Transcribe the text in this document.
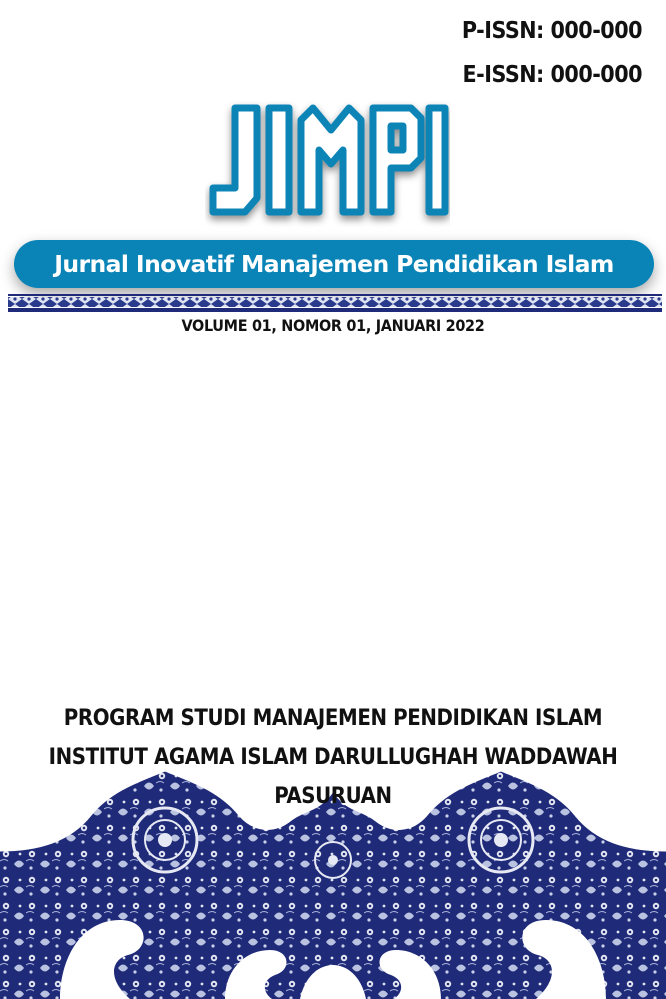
P-ISSN: 000-000
E-ISSN: 000-000
Jurnal Inovatif Manajemen Pendidikan Islam
VOLUME 01, NOMOR 01, JANUARI 2022
PROGRAM STUDI MANAJEMEN PENDIDIKAN ISLAM
INSTITUT AGAMA ISLAM DARULLUGHAH WADDAWAH
PASURUAN
